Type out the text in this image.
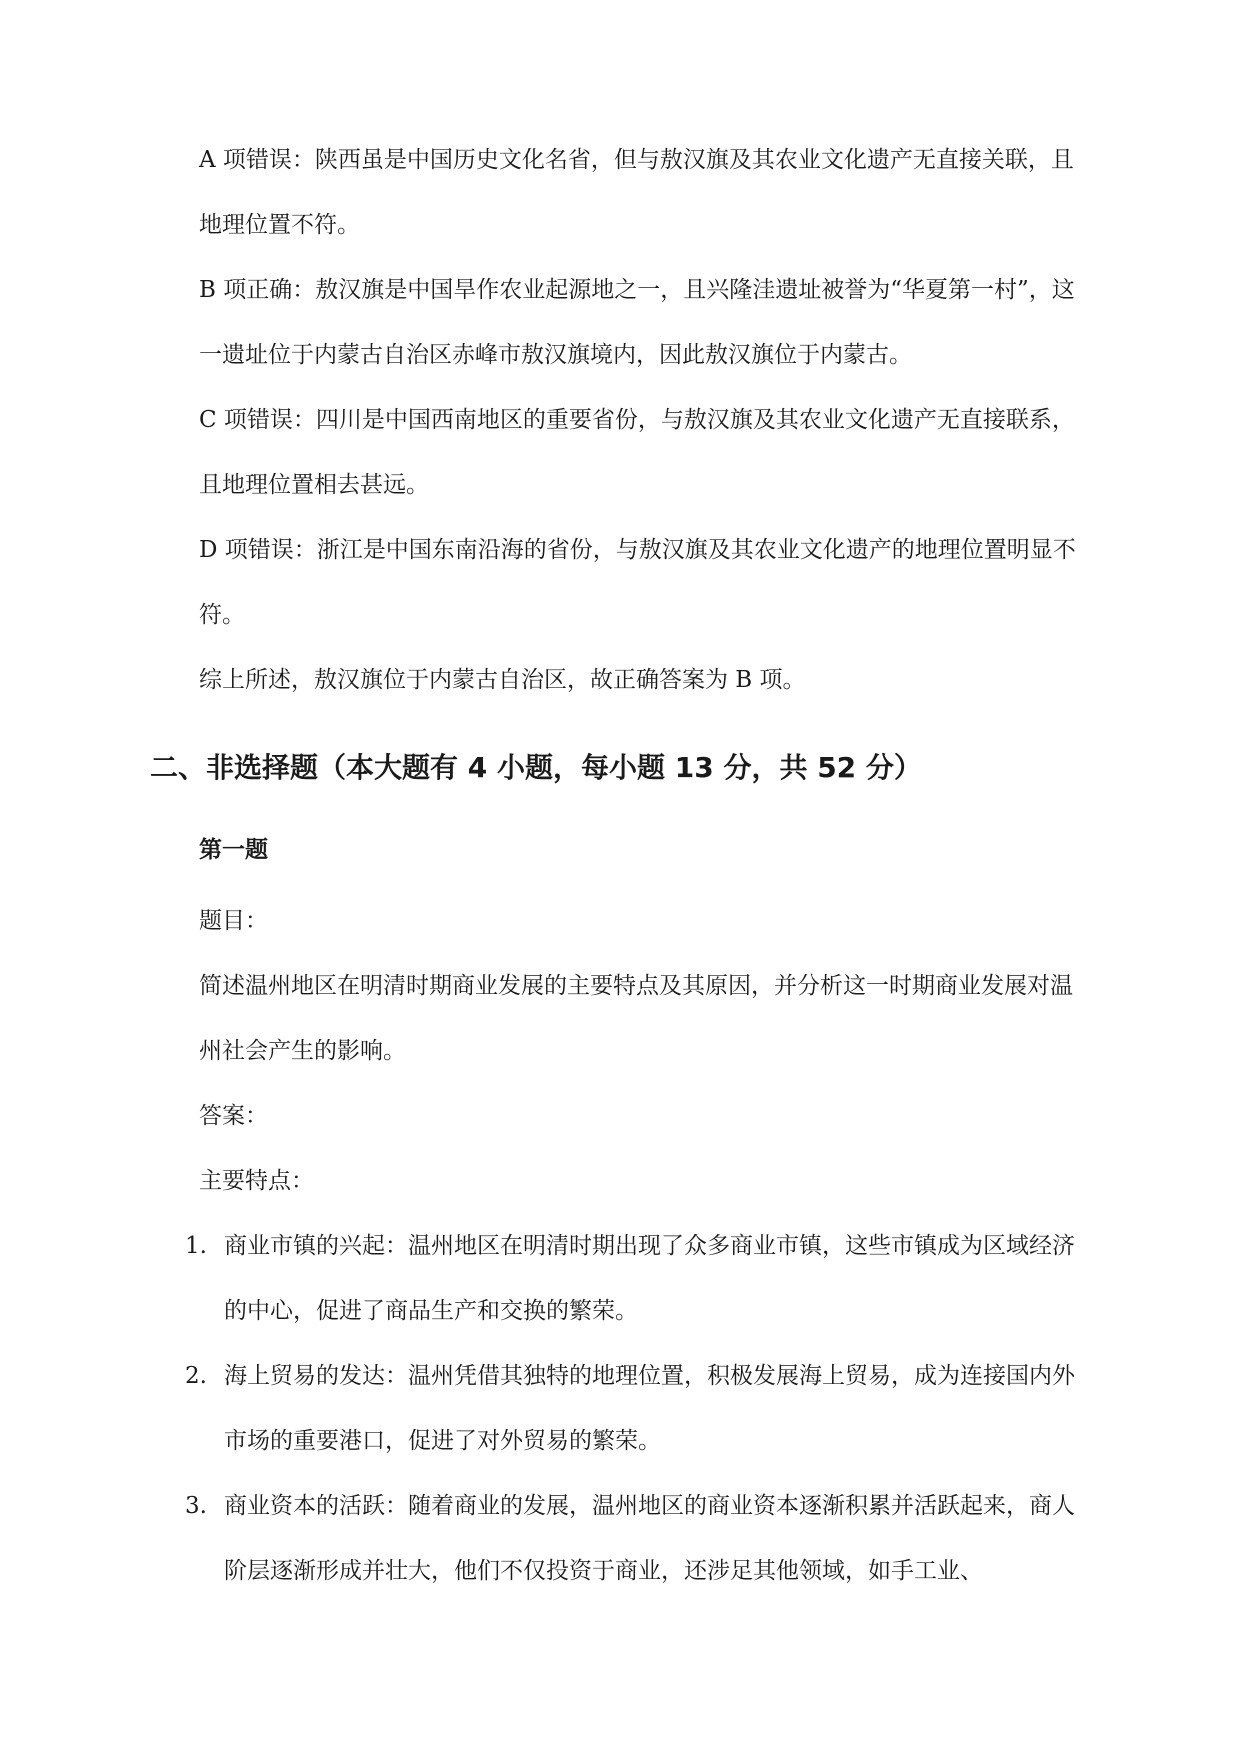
A 项错误：陕西虽是中国历史文化名省，但与敖汉旗及其农业文化遗产无直接关联，且地理位置不符。

B 项正确：敖汉旗是中国旱作农业起源地之一，且兴隆洼遗址被誉为“华夏第一村”，这一遗址位于内蒙古自治区赤峰市敖汉旗境内，因此敖汉旗位于内蒙古。

C 项错误：四川是中国西南地区的重要省份，与敖汉旗及其农业文化遗产无直接联系，且地理位置相去甚远。

D 项错误：浙江是中国东南沿海的省份，与敖汉旗及其农业文化遗产的地理位置明显不符。

综上所述，敖汉旗位于内蒙古自治区，故正确答案为 B 项。

二、非选择题（本大题有 4 小题，每小题 13 分，共 52 分）
第一题

题目：

简述温州地区在明清时期商业发展的主要特点及其原因，并分析这一时期商业发展对温州社会产生的影响。

答案：

主要特点：

1. 商业市镇的兴起：温州地区在明清时期出现了众多商业市镇，这些市镇成为区域经济的中心，促进了商品生产和交换的繁荣。
2. 海上贸易的发达：温州凭借其独特的地理位置，积极发展海上贸易，成为连接国内外市场的重要港口，促进了对外贸易的繁荣。
3. 商业资本的活跃：随着商业的发展，温州地区的商业资本逐渐积累并活跃起来，商人阶层逐渐形成并壮大，他们不仅投资于商业，还涉足其他领域，如手工业、
